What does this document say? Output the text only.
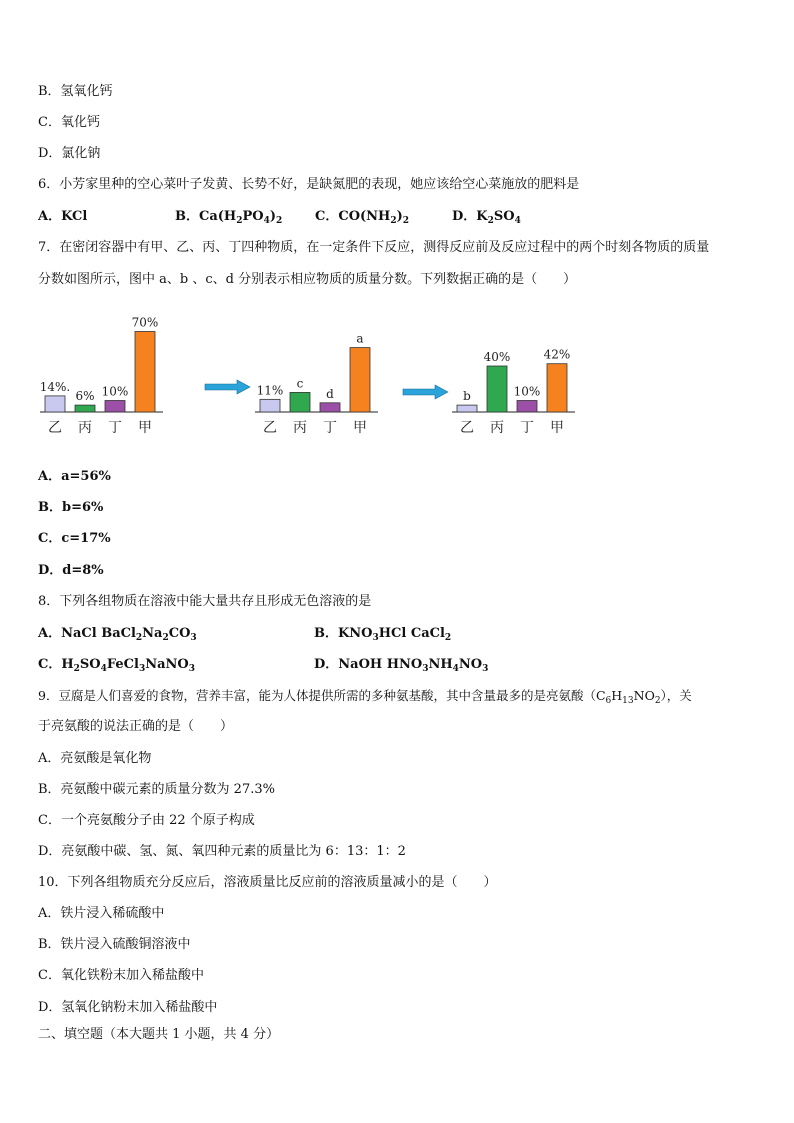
B．氢氧化钙
C．氧化钙
D．氯化钠
6．小芳家里种的空心菜叶子发黄、长势不好，是缺氮肥的表现，她应该给空心菜施放的肥料是
A．KCl	B．$Ca(H_2PO_4)_2$	C．$CO(NH_2)_2$	D．$K_2SO_4$
7．在密闭容器中有甲、乙、丙、丁四种物质，在一定条件下反应，测得反应前及反应过程中的两个时刻各物质的质量
分数如图所示，图中 a、b 、c、d 分别表示相应物质的质量分数。下列数据正确的是（　　）
14%.
乙
6%
丙
10%
丁
70%
甲
11%
乙
c
丙
d
丁
a
甲
b
乙
40%
丙
10%
丁
42%
甲
A．a=56%
B．b=6%
C．c=17%
D．d=8%
8．下列各组物质在溶液中能大量共存且形成无色溶液的是
A．NaCl $BaCl_2Na_2CO_3$	B．$KNO_3HCl$ CaCl$_2$
C．$H_2SO_4FeCl_3NaNO_3$	D．NaOH $HNO_3NH_4NO_3$
9．豆腐是人们喜爱的食物，营养丰富，能为人体提供所需的多种氨基酸，其中含量最多的是亮氨酸$(C_6H_{13}NO_2)$，关
于亮氨酸的说法正确的是（　　）
A．亮氨酸是氧化物
B．亮氨酸中碳元素的质量分数为 27.3%
C．一个亮氨酸分子由 22 个原子构成
D．亮氨酸中碳、氢、氮、氧四种元素的质量比为 6：13：1：2
10．下列各组物质充分反应后，溶液质量比反应前的溶液质量减小的是（　　）
A．铁片浸入稀硫酸中
B．铁片浸入硫酸铜溶液中
C．氧化铁粉末加入稀盐酸中
D．氢氧化钠粉末加入稀盐酸中
二、填空题（本大题共 1 小题，共 4 分）
